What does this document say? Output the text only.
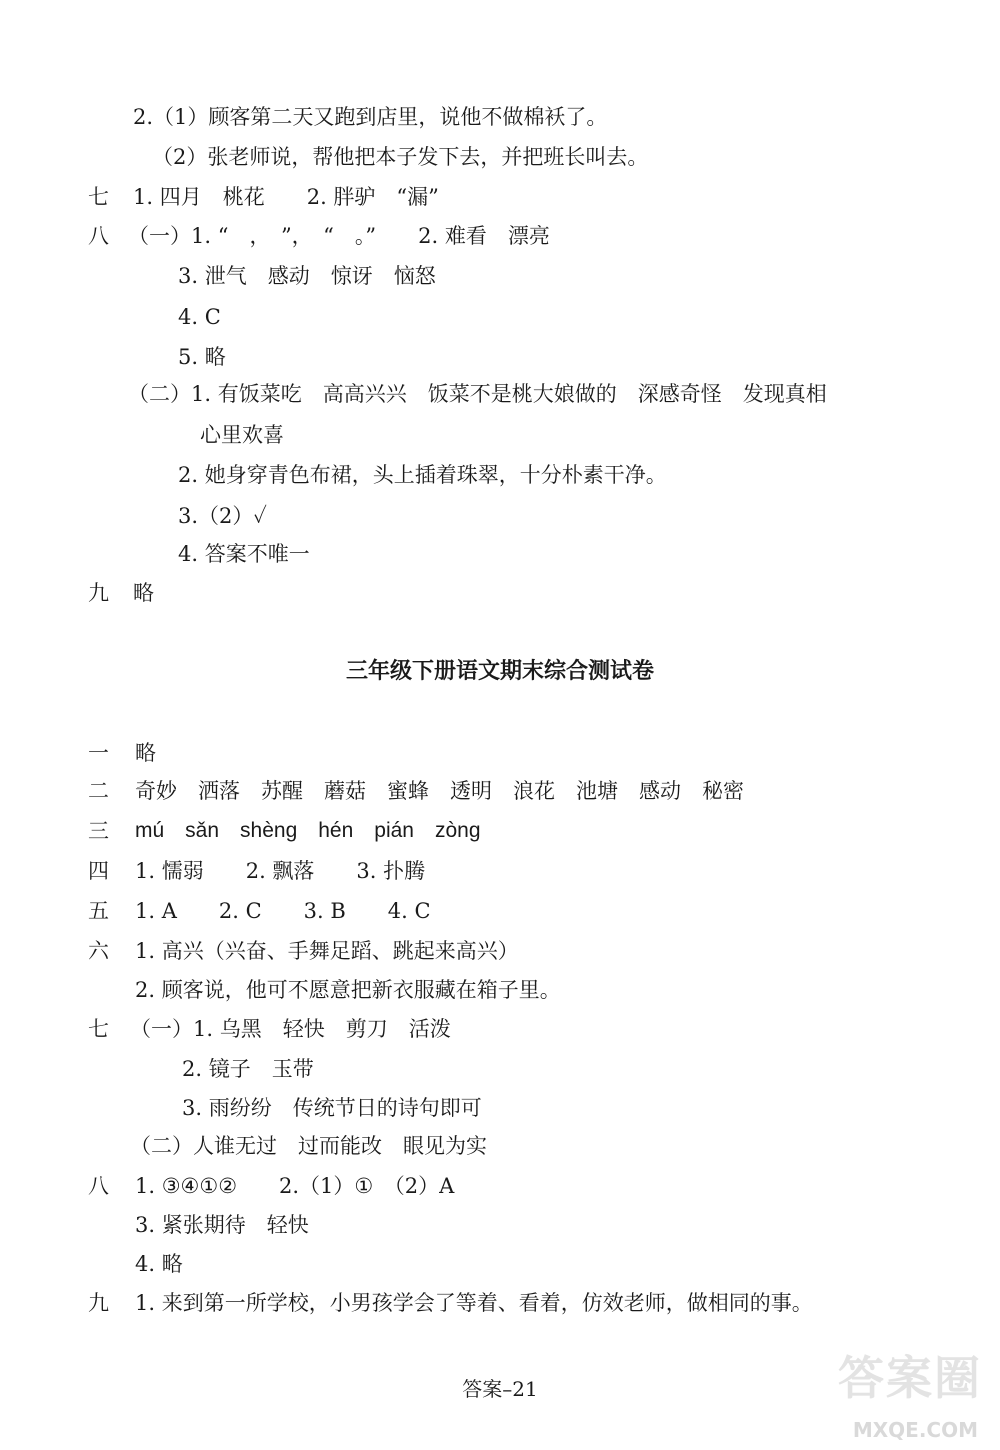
2.（1）顾客第二天又跑到店里，说他不做棉袄了。
（2）张老师说，帮他把本子发下去，并把班长叫去。
七 1. 四月　桃花　　2. 胖驴　“漏”
八 （一）1. “　，　”，　“　。”　　2. 难看　漂亮
3. 泄气　感动　惊讶　恼怒
4. C
5. 略
（二）1. 有饭菜吃　高高兴兴　饭菜不是桃大娘做的　深感奇怪　发现真相
心里欢喜
2. 她身穿青色布裙，头上插着珠翠，十分朴素干净。
3.（2）✓
4. 答案不唯一
九 略
三年级下册语文期末综合测试卷
一 略
二 奇妙　洒落　苏醒　蘑菇　蜜蜂　透明　浪花　池塘　感动　秘密
三 mú　sǎn　shèng　hén　pián　zòng
四 1. 懦弱　　2. 飘落　　3. 扑腾
五 1. A　　2. C　　3. B　　4. C
六 1. 高兴（兴奋、手舞足蹈、跳起来高兴）
2. 顾客说，他可不愿意把新衣服藏在箱子里。
七 （一）1. 乌黑　轻快　剪刀　活泼
2. 镜子　玉带
3. 雨纷纷　传统节日的诗句即可
（二）人谁无过　过而能改　眼见为实
八 1. ③④①②　　2.（1）①　（2）A
3. 紧张期待　轻快
4. 略
九 1. 来到第一所学校，小男孩学会了等着、看着，仿效老师，做相同的事。
答案–21	答案圈
MXQE.COM
